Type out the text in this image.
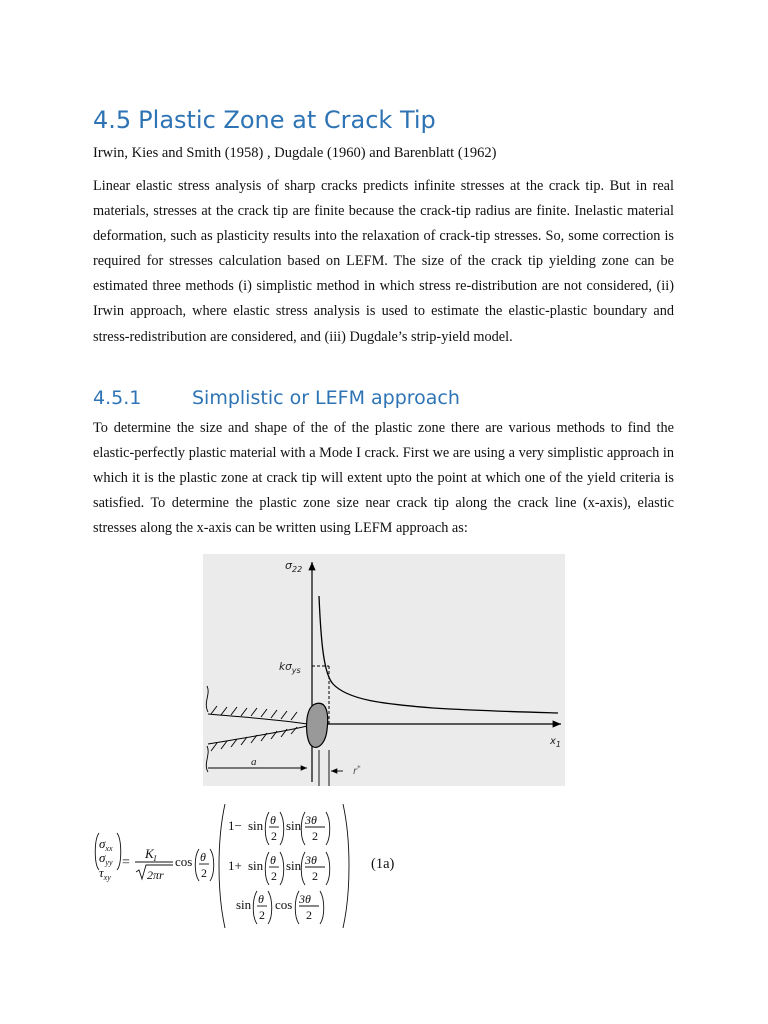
4.5 Plastic Zone at Crack Tip
Irwin, Kies and Smith (1958) , Dugdale (1960) and Barenblatt (1962)

Linear elastic stress analysis of sharp cracks predicts infinite stresses at the crack tip. But in real materials, stresses at the crack tip are finite because the crack-tip radius are finite. Inelastic material deformation, such as plasticity results into the relaxation of crack-tip stresses. So, some correction is required for stresses calculation based on LEFM. The size of the crack tip yielding zone can be estimated three methods (i) simplistic method in which stress re-distribution are not considered, (ii) Irwin approach, where elastic stress analysis is used to estimate the elastic-plastic boundary and stress-redistribution are considered, and (iii) Dugdale’s strip-yield model.

4.5.1	Simplistic or LEFM approach

To determine the size and shape of the of the plastic zone there are various methods to find the elastic-perfectly plastic material with a Mode I crack. First we are using a very simplistic approach in which it is the plastic zone at crack tip will extent upto the point at which one of the yield criteria is satisfied. To determine the plastic zone size near crack tip along the crack line (x-axis), elastic stresses along the x-axis can be written using LEFM approach as:

$\sigma_{22}$
$x_1$
$k\sigma_{ys}$
a
r*
$\sigma_{xx}$
$\sigma_{yy}$
$\tau_{xy}$
=
$K_I$
2πr
cos θ
2
1− sin θ
2
sin 3θ
2
1+ sin θ
2
sin 3θ
2
sin θ
2
cos 3θ
2
(1a)
